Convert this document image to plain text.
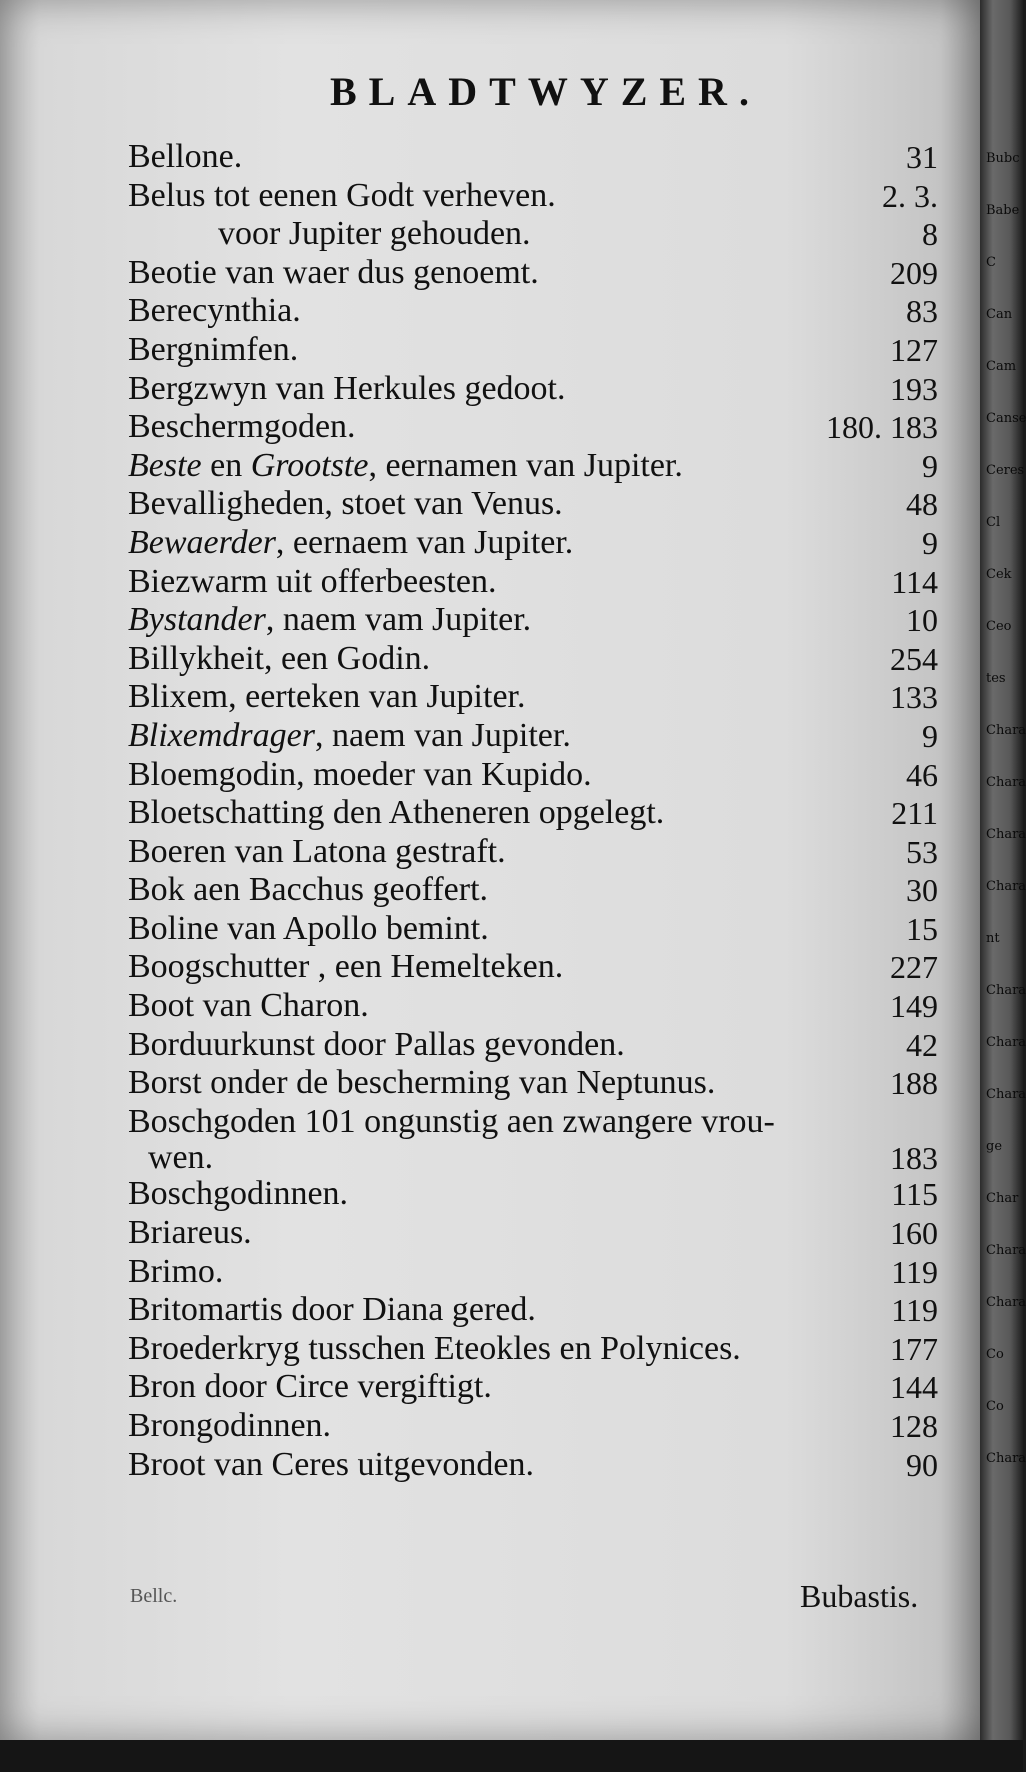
BLADTWYZER.
Bellone.	31
Belus tot eenen Godt verheven.	2. 3.
voor Jupiter gehouden.	8
Beotie van waer dus genoemt.	209
Berecynthia.	83
Bergnimfen.	127
Bergzwyn van Herkules gedoot.	193
Beschermgoden.	180. 183
Beste en Grootste, eernamen van Jupiter.	9
Bevalligheden, stoet van Venus.	48
Bewaerder, eernaem van Jupiter.	9
Biezwarm uit offerbeesten.	114
Bystander, naem vam Jupiter.	10
Billykheit, een Godin.	254
Blixem, eerteken van Jupiter.	133
Blixemdrager, naem van Jupiter.	9
Bloemgodin, moeder van Kupido.	46
Bloetschatting den Atheneren opgelegt.	211
Boeren van Latona gestraft.	53
Bok aen Bacchus geoffert.	30
Boline van Apollo bemint.	15
Boogschutter , een Hemelteken.	227
Boot van Charon.	149
Borduurkunst door Pallas gevonden.	42
Borst onder de bescherming van Neptunus.	188
Boschgoden 101 ongunstig aen zwangere vrou-
wen.	183
Boschgodinnen.	115
Briareus.	160
Brimo.	119
Britomartis door Diana gered.	119
Broederkryg tusschen Eteokles en Polynices.	177
Bron door Circe vergiftigt.	144
Brongodinnen.	128
Broot van Ceres uitgevonden.	90
Bellc.	Bubastis.
Bubc
Babe
C
Can
Cam
Canse
Ceres
Cl
Cek
Ceo
tes
Chara
Chara
Chara
Chara
nt
Chara
Chara
Chara
ge
Char
Chara
Chara
Co
Co
Chara
